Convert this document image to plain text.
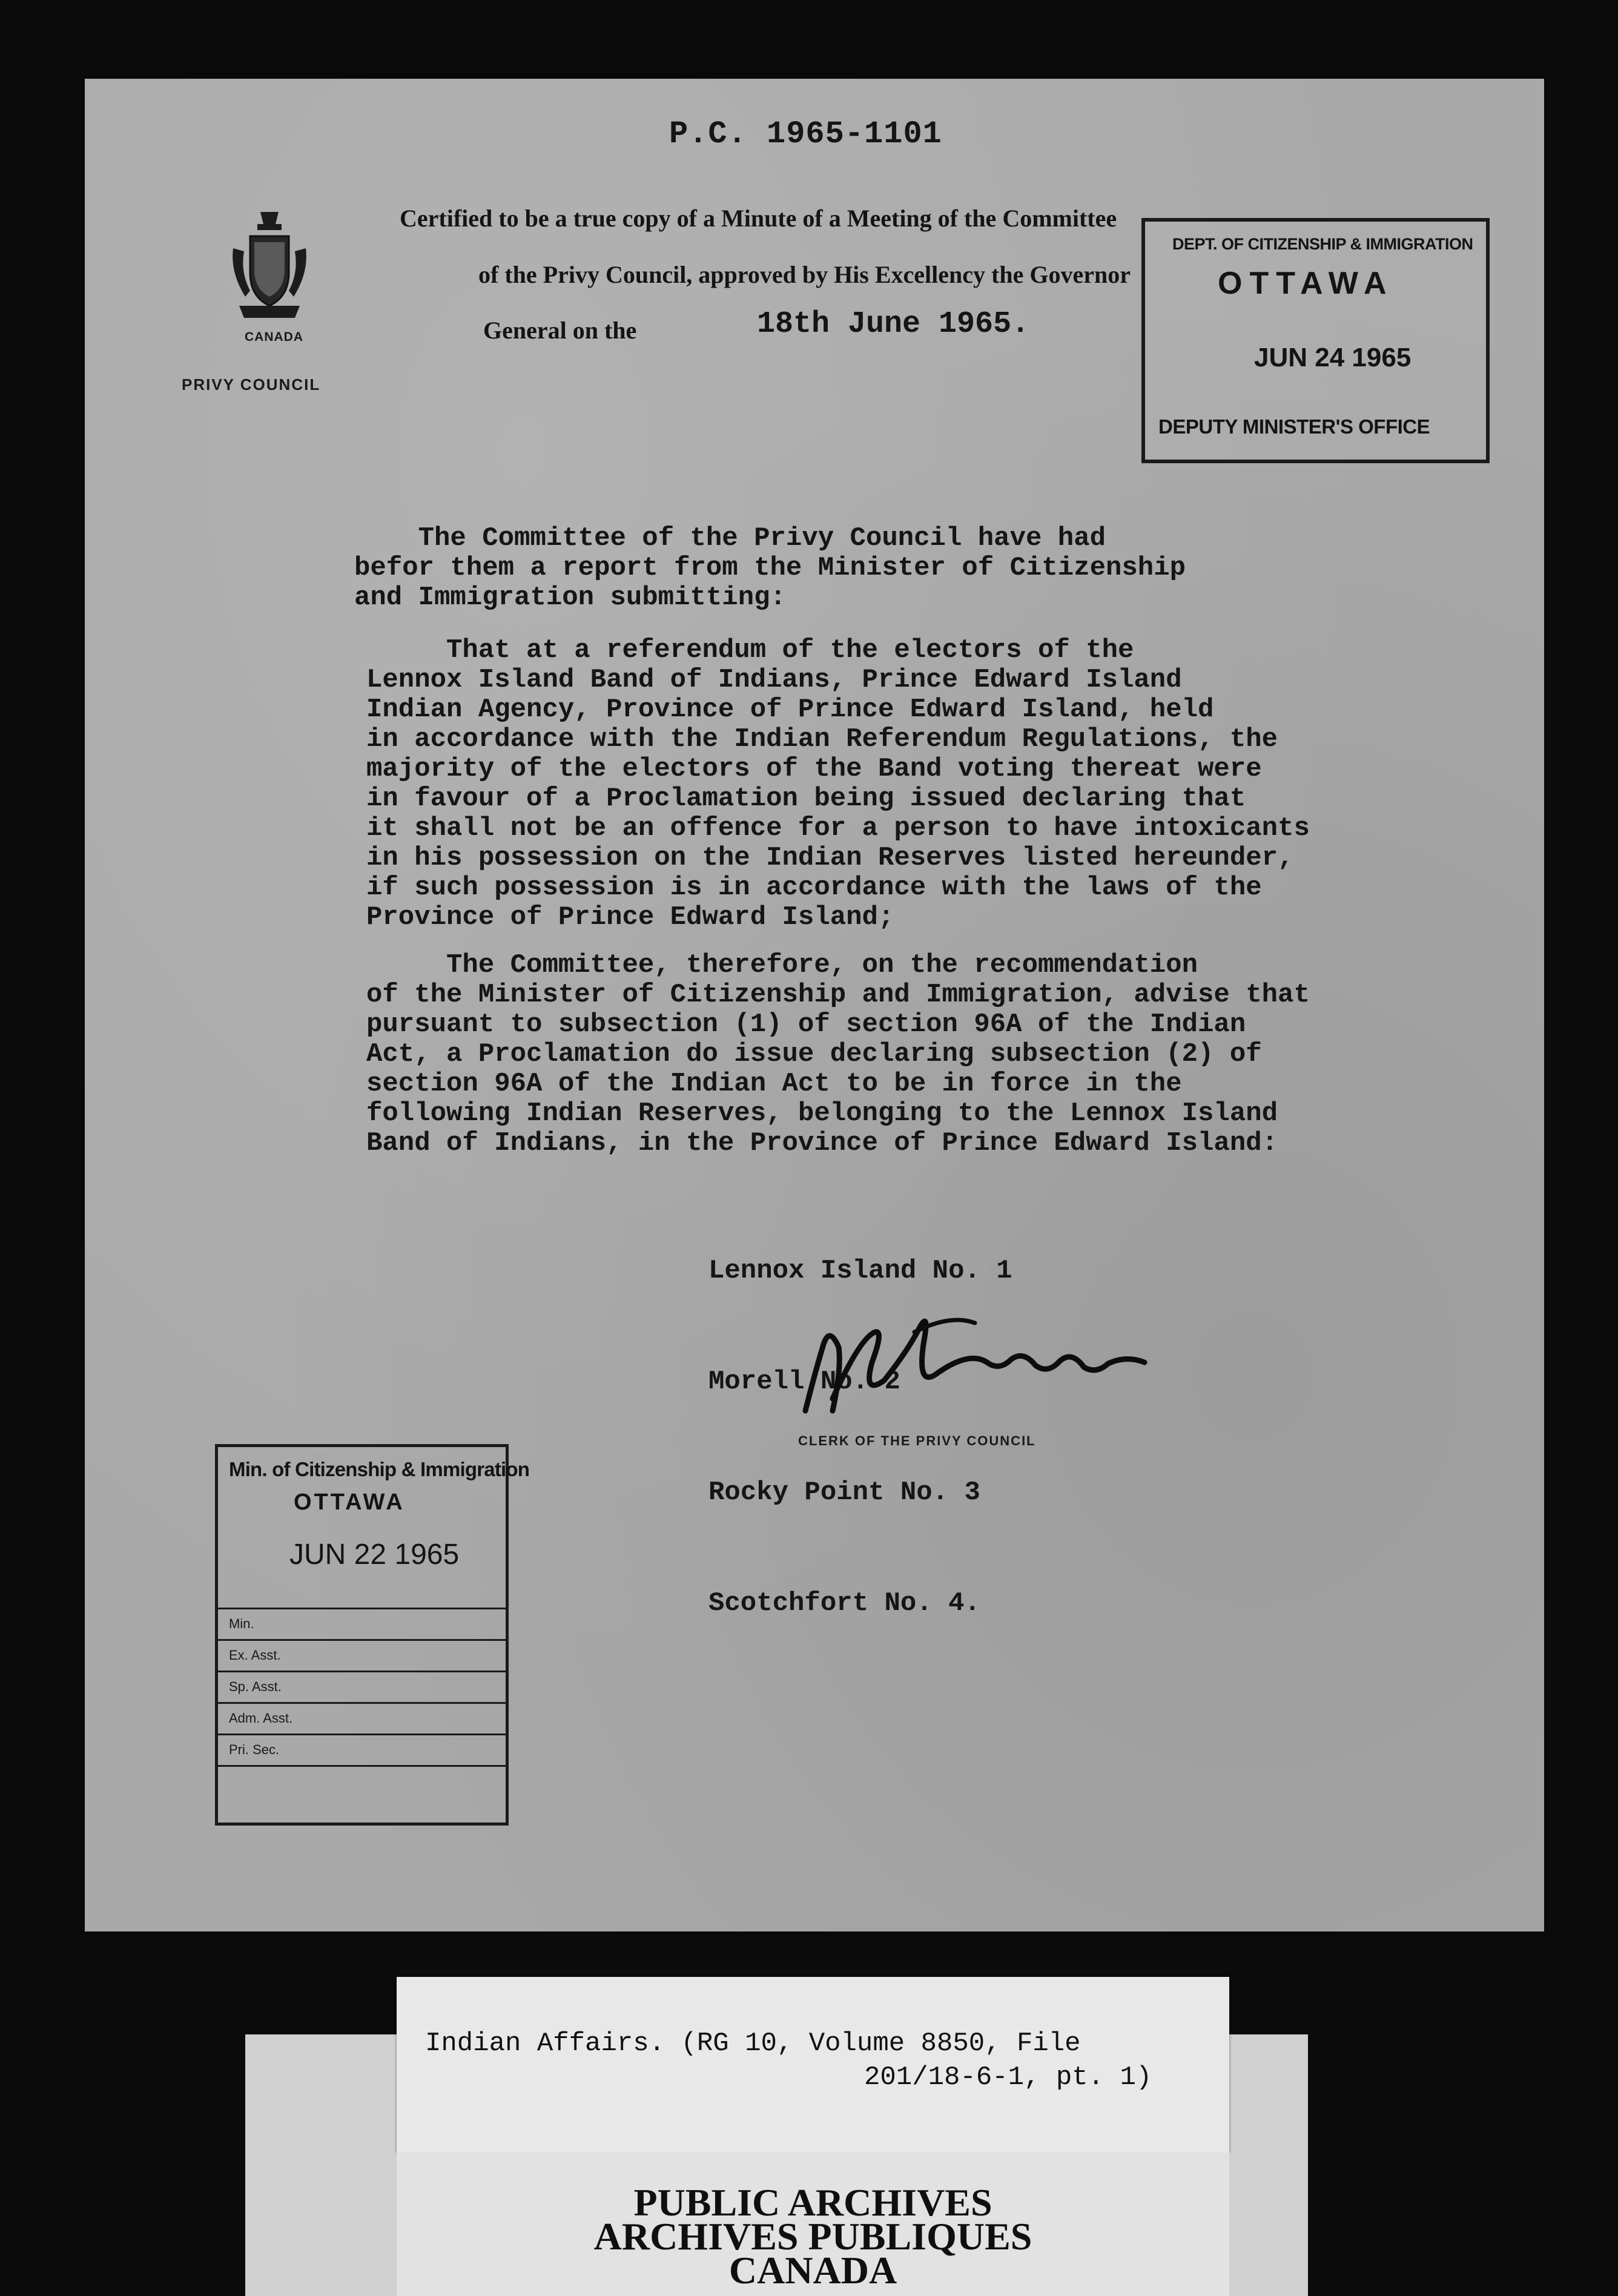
P.C. 1965-1101
CANADA
PRIVY COUNCIL
Certified to be a true copy of a Minute of a Meeting of the Committee
of the Privy Council, approved by His Excellency the Governor
General on the	18th June 1965.
DEPT. OF CITIZENSHIP & IMMIGRATION
OTTAWA
JUN 24 1965
DEPUTY MINISTER'S OFFICE
The Committee of the Privy Council have had
befor them a report from the Minister of Citizenship
and Immigration submitting:
That at a referendum of the electors of the
Lennox Island Band of Indians, Prince Edward Island
Indian Agency, Province of Prince Edward Island, held
in accordance with the Indian Referendum Regulations, the
majority of the electors of the Band voting thereat were
in favour of a Proclamation being issued declaring that
it shall not be an offence for a person to have intoxicants
in his possession on the Indian Reserves listed hereunder,
if such possession is in accordance with the laws of the
Province of Prince Edward Island;
The Committee, therefore, on the recommendation
of the Minister of Citizenship and Immigration, advise that
pursuant to subsection (1) of section 96A of the Indian
Act, a Proclamation do issue declaring subsection (2) of
section 96A of the Indian Act to be in force in the
following Indian Reserves, belonging to the Lennox Island
Band of Indians, in the Province of Prince Edward Island:

Lennox Island No. 1

Morell No. 2

Rocky Point No. 3

Scotchfort No. 4.

CLERK OF THE PRIVY COUNCIL
Min. of Citizenship & Immigration
OTTAWA
JUN 22 1965
Min.
Ex. Asst.
Sp. Asst.
Adm. Asst.
Pri. Sec.
Indian Affairs. (RG 10, Volume 8850, File
201/18-6-1, pt. 1)
PUBLIC ARCHIVES
ARCHIVES PUBLIQUES
CANADA
